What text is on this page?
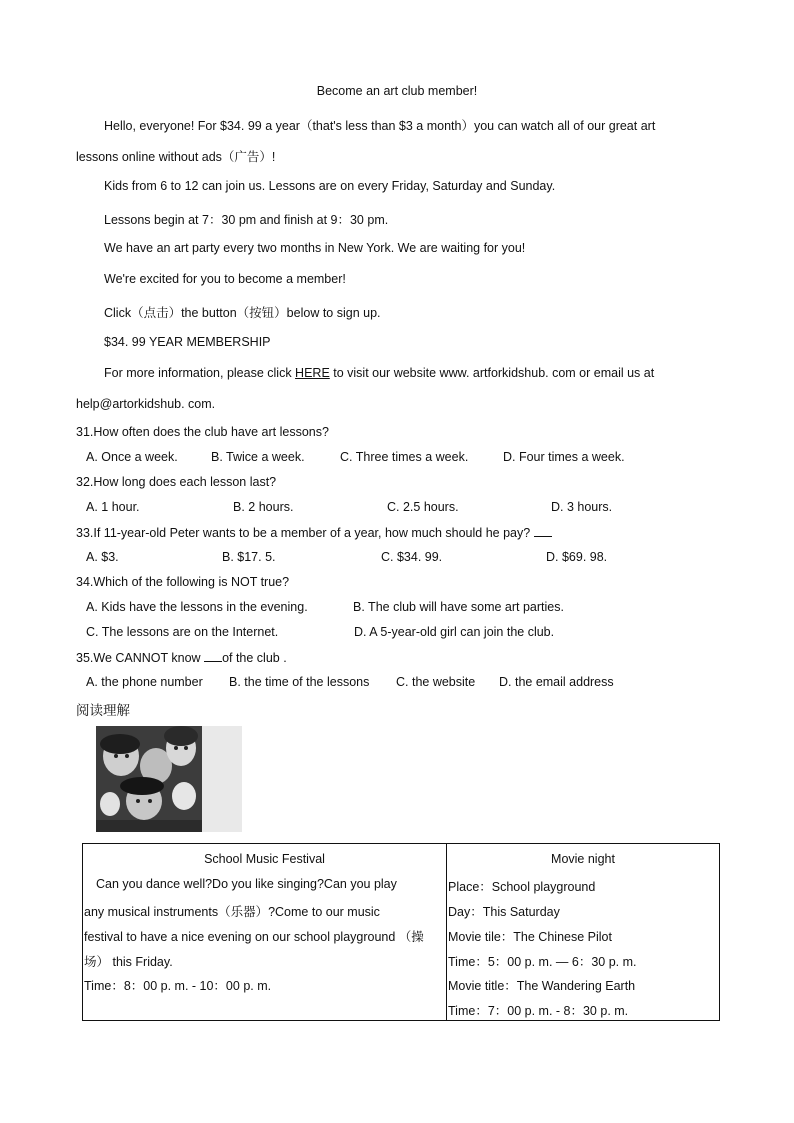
Become an art club member!
Hello, everyone! For $34. 99 a year（that's less than $3 a month）you can watch all of our great art
lessons online without ads（广告）!
Kids from 6 to 12 can join us. Lessons are on every Friday, Saturday and Sunday.
Lessons begin at 7：30 pm and finish at 9：30 pm.
We have an art party every two months in New York. We are waiting for you!
We're excited for you to become a member!
Click（点击）the button（按钮）below to sign up.
$34. 99 YEAR MEMBERSHIP
For more information, please click HERE to visit our website www. artforkidshub. com or email us at
help@artorkidshub. com.
31.How often does the club have art lessons?
A. Once a week.	B. Twice a week.	C. Three times a week.	D. Four times a week.
32.How long does each lesson last?
A. 1 hour.	B. 2 hours.	C. 2.5 hours.	D. 3 hours.
33.If 11-year-old Peter wants to be a member of a year, how much should he pay?
A. $3.	B. $17. 5.	C. $34. 99.	D. $69. 98.
34.Which of the following is NOT true?
A. Kids have the lessons in the evening.	B. The club will have some art parties.
C. The lessons are on the Internet.	D. A 5-year-old girl can join the club.
35.We CANNOT know of the club .
A. the phone number B. the time of the lessons C. the website D. the email address
阅读理解
School Music Festival
Can you dance well?Do you like singing?Can you play
any musical instruments（乐器）?Come to our music
festival to have a nice evening on our school playground （操
场） this Friday.
Time：8：00 p. m. - 10：00 p. m.
Movie night
Place：School playground
Day：This Saturday
Movie tile：The Chinese Pilot
Time：5：00 p. m. — 6：30 p. m.
Movie title：The Wandering Earth
Time：7：00 p. m. - 8：30 p. m.
